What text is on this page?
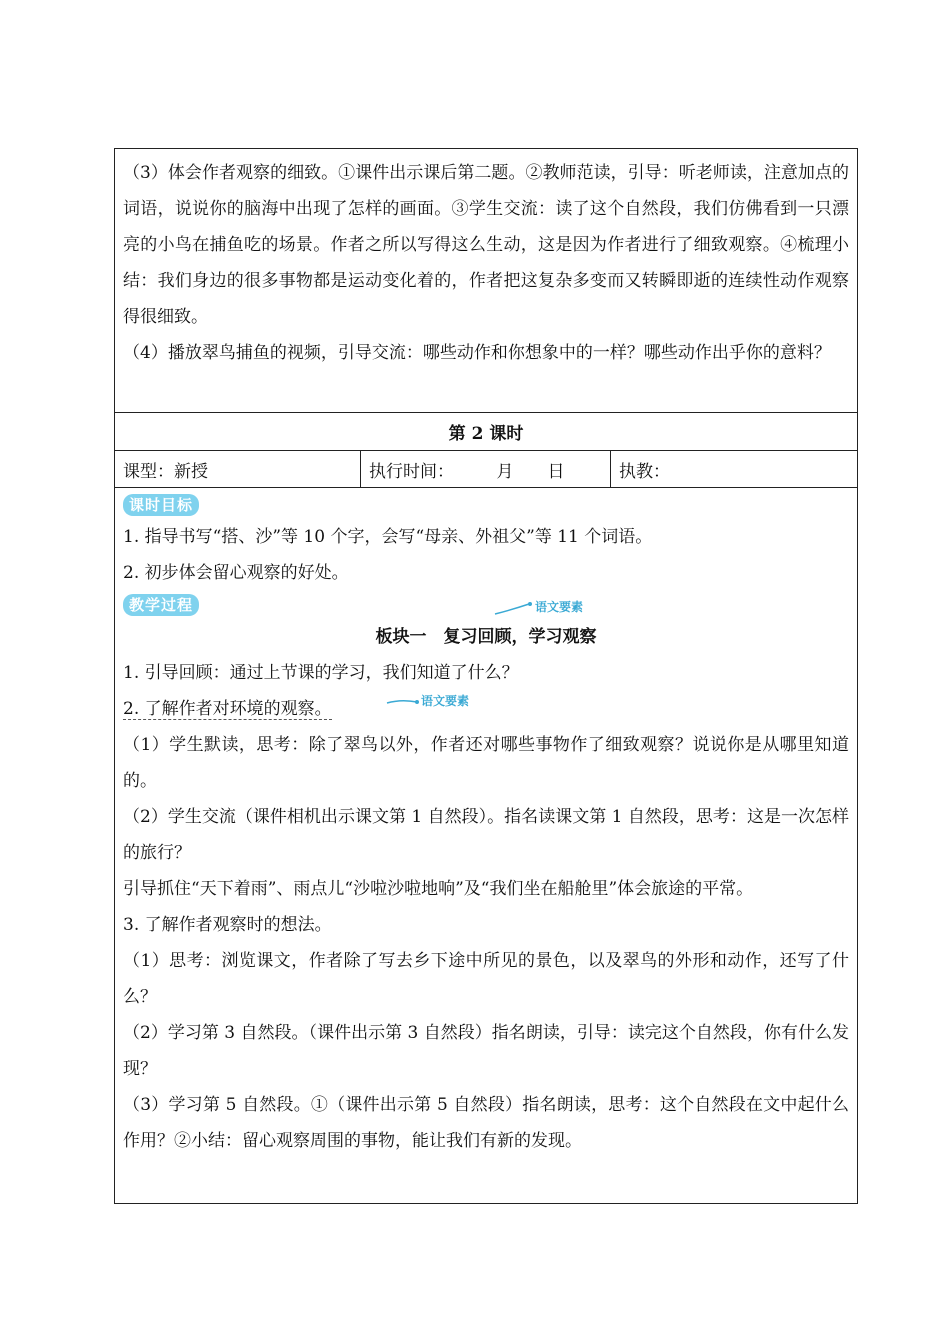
（3）体会作者观察的细致。①课件出示课后第二题。②教师范读，引导：听老师读，注意加点的词语，说说你的脑海中出现了怎样的画面。③学生交流：读了这个自然段，我们仿佛看到一只漂亮的小鸟在捕鱼吃的场景。作者之所以写得这么生动，这是因为作者进行了细致观察。④梳理小结：我们身边的很多事物都是运动变化着的，作者把这复杂多变而又转瞬即逝的连续性动作观察得很细致。

（4）播放翠鸟捕鱼的视频，引导交流：哪些动作和你想象中的一样？哪些动作出乎你的意料？

第 2 课时
课型：新授	执行时间：　　　月　　日	执教：
课时目标

1. 指导书写“搭、沙”等 10 个字，会写“母亲、外祖父”等 11 个词语。

2. 初步体会留心观察的好处。

教学过程	语文要素

板块一　复习回顾，学习观察

1. 引导回顾：通过上节课的学习，我们知道了什么？

2. 了解作者对环境的观察。	语文要素

（1）学生默读，思考：除了翠鸟以外，作者还对哪些事物作了细致观察？说说你是从哪里知道的。

（2）学生交流（课件相机出示课文第 1 自然段）。指名读课文第 1 自然段，思考：这是一次怎样的旅行？

引导抓住“天下着雨”、雨点儿“沙啦沙啦地响”及“我们坐在船舱里”体会旅途的平常。

3. 了解作者观察时的想法。

（1）思考：浏览课文，作者除了写去乡下途中所见的景色，以及翠鸟的外形和动作，还写了什么？

（2）学习第 3 自然段。（课件出示第 3 自然段）指名朗读，引导：读完这个自然段，你有什么发现？

（3）学习第 5 自然段。①（课件出示第 5 自然段）指名朗读，思考：这个自然段在文中起什么作用？②小结：留心观察周围的事物，能让我们有新的发现。
